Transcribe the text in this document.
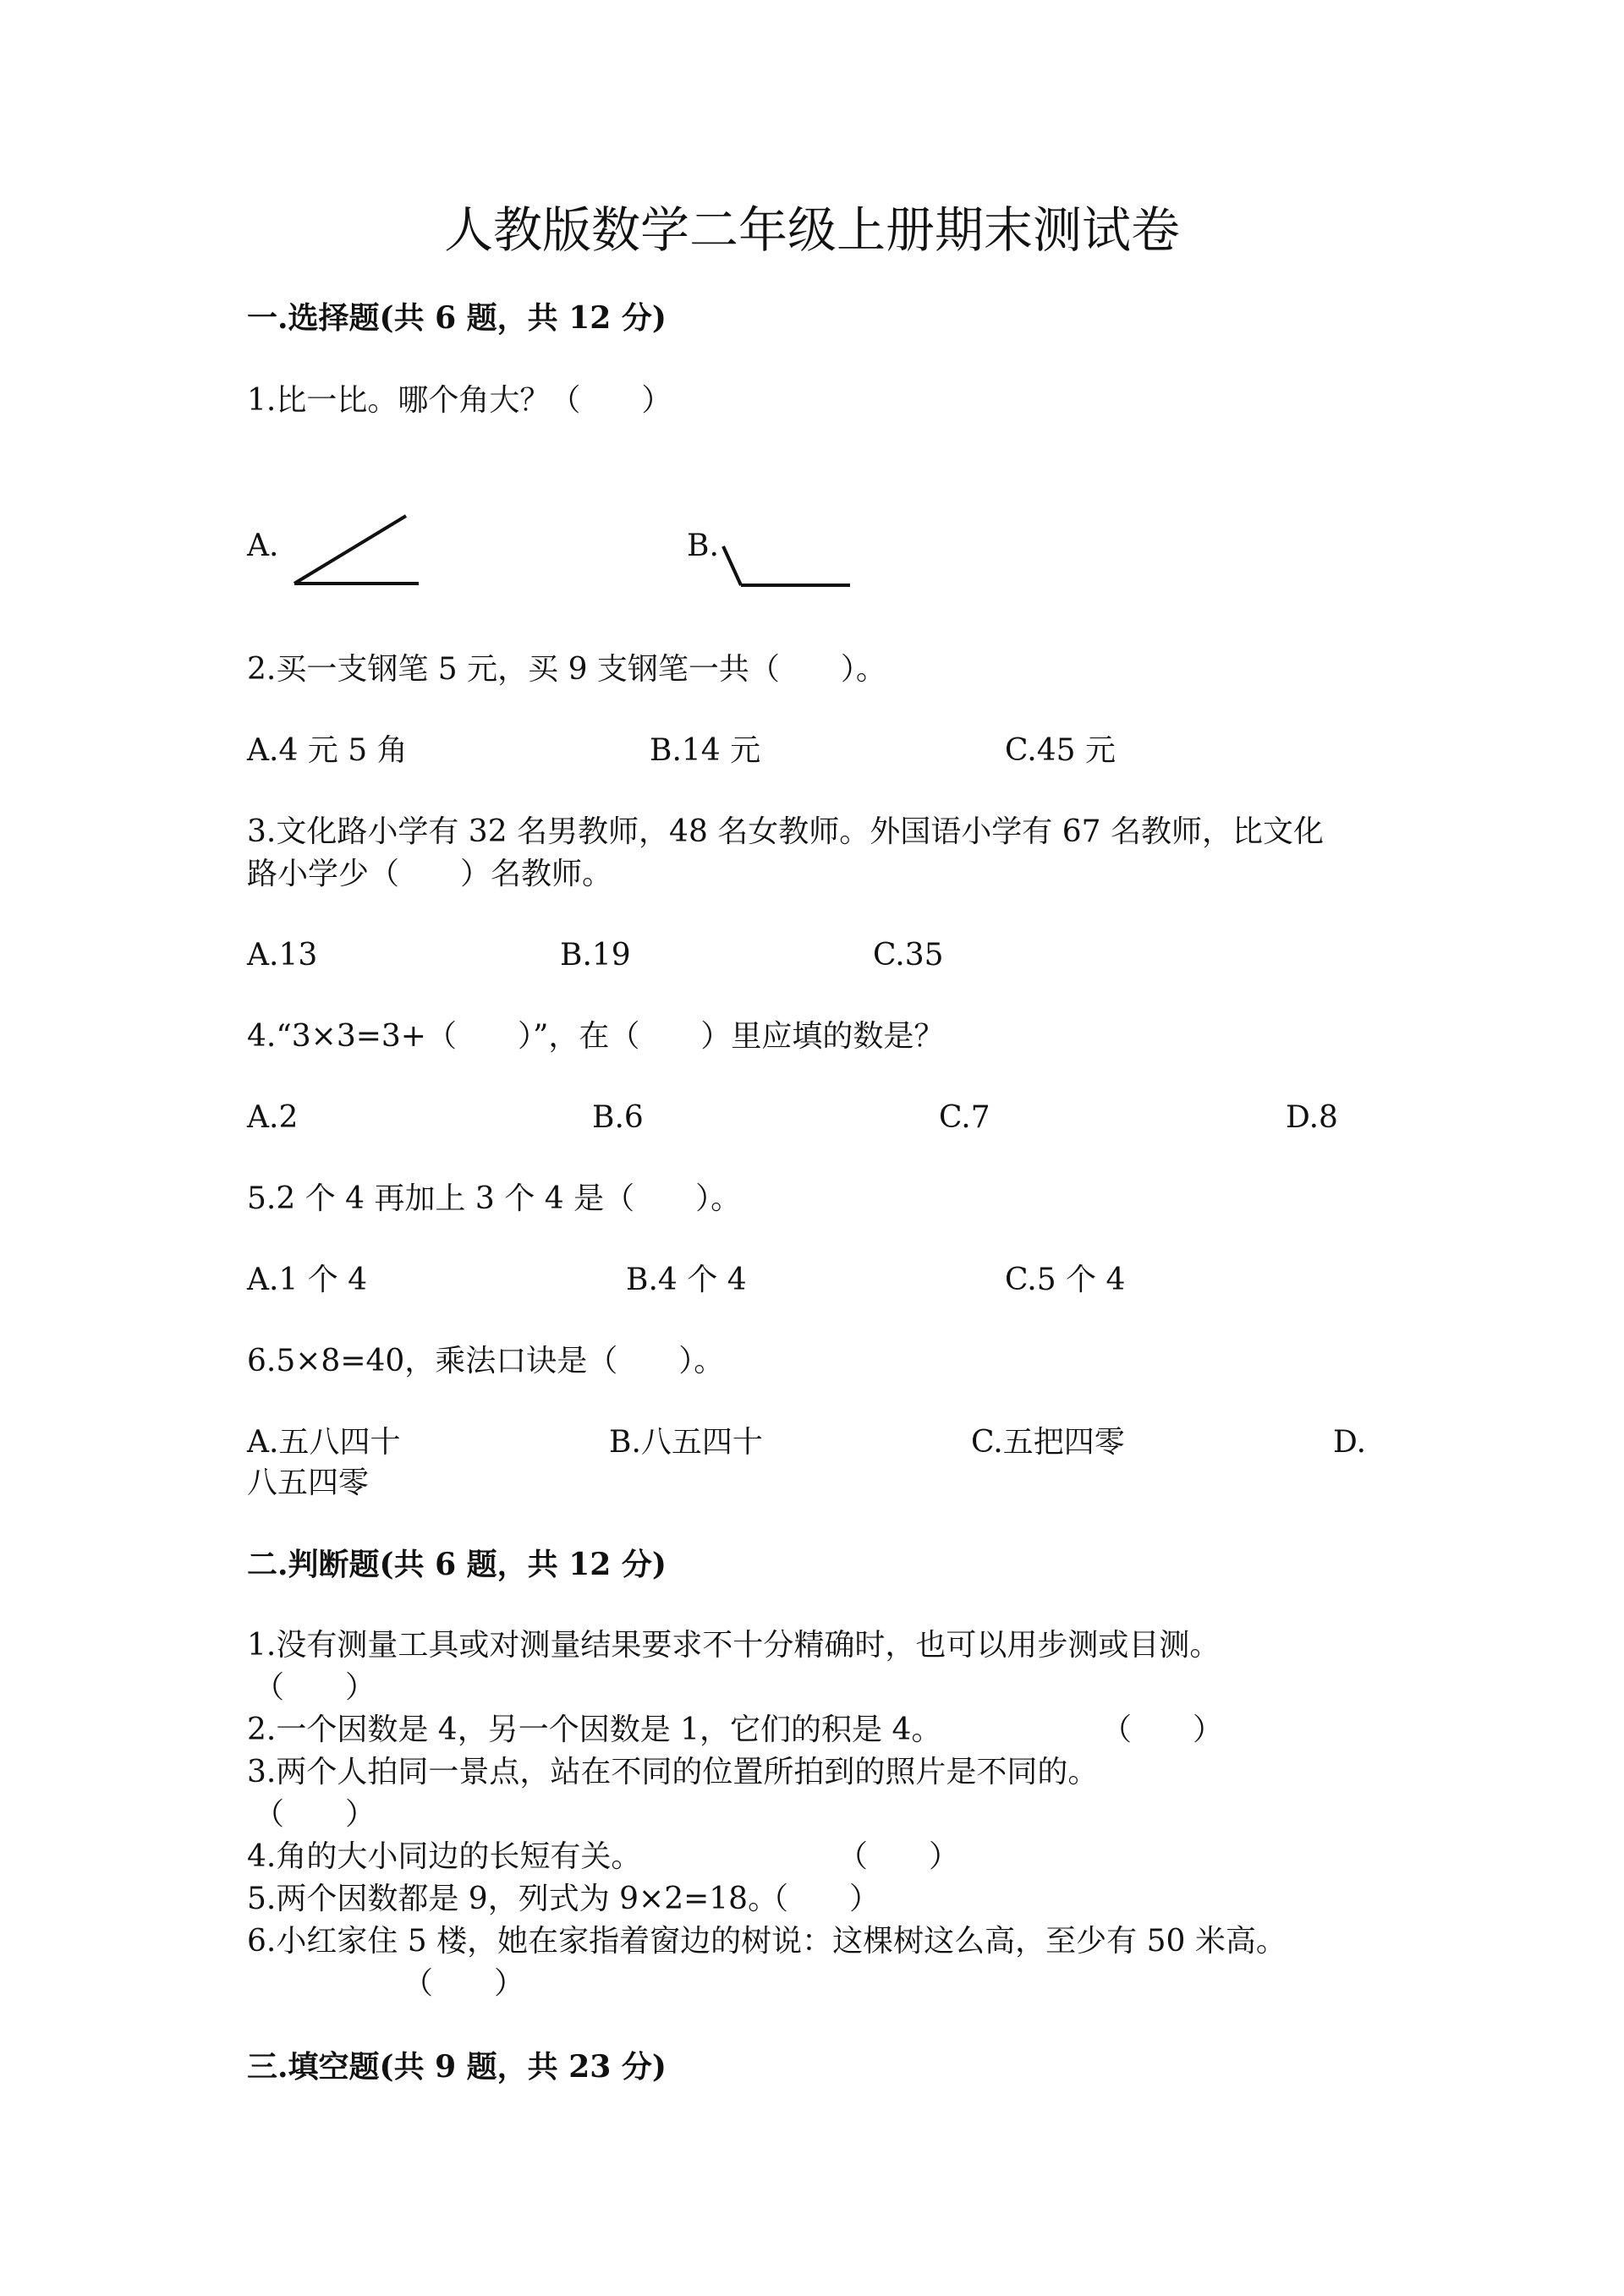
人教版数学二年级上册期末测试卷
一.选择题(共 6 题，共 12 分)
1.比一比。哪个角大？（　　）
A.	B.
2.买一支钢笔 5 元，买 9 支钢笔一共（　　）。
A.4 元 5 角	B.14 元	C.45 元
3.文化路小学有 32 名男教师，48 名女教师。外国语小学有 67 名教师，比文化
路小学少（　　）名教师。
A.13	B.19	C.35
4.“3×3=3+（　　）”，在（　　）里应填的数是？
A.2	B.6	C.7	D.8
5.2 个 4 再加上 3 个 4 是（　　）。
A.1 个 4	B.4 个 4	C.5 个 4
6.5×8=40，乘法口诀是（　　）。
A.五八四十	B.八五四十	C.五把四零	D.
八五四零
二.判断题(共 6 题，共 12 分)
1.没有测量工具或对测量结果要求不十分精确时，也可以用步测或目测。
（　　）
2.一个因数是 4，另一个因数是 1，它们的积是 4。	（　　）
3.两个人拍同一景点，站在不同的位置所拍到的照片是不同的。
（　　）
4.角的大小同边的长短有关。	（　　）
5.两个因数都是 9，列式为 9×2=18。
（　　）
6.小红家住 5 楼，她在家指着窗边的树说：这棵树这么高，至少有 50 米高。
（　　）
三.填空题(共 9 题，共 23 分)
